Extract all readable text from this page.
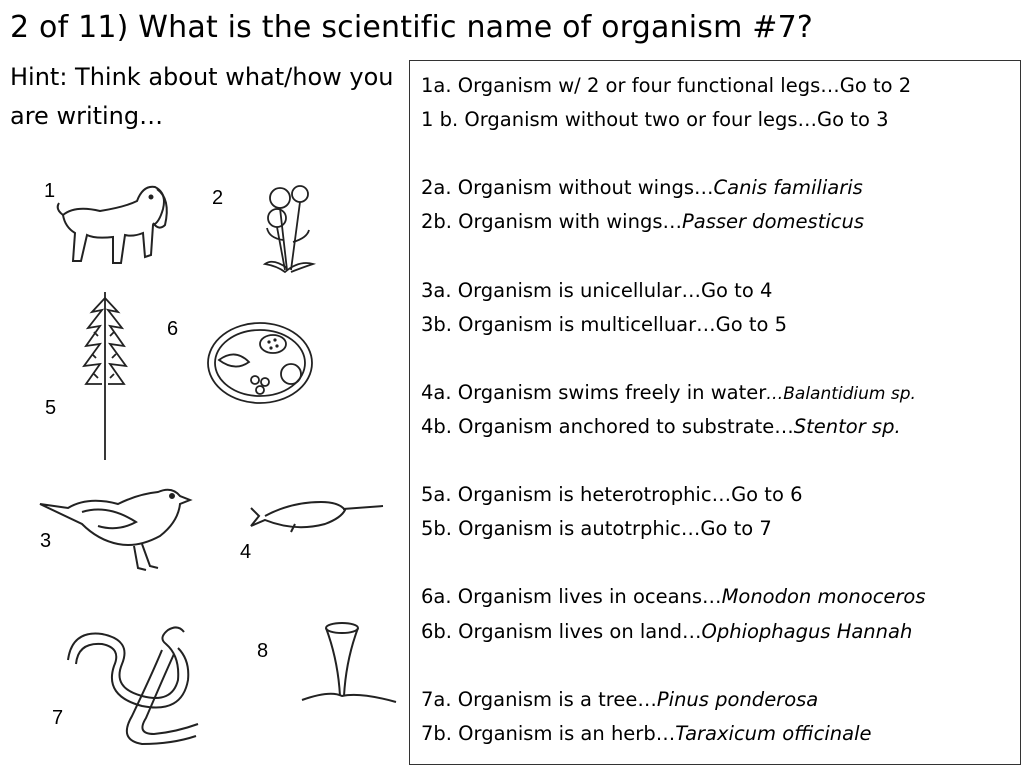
2 of 11) What is the scientific name of organism #7?
Hint: Think about what/how you are writing…
1	2
5
6
3	4
7
8
1a. Organism w/ 2 or four functional legs…Go to 2
1 b. Organism without two or four legs…Go to 3
2a. Organism without wings…Canis familiaris
2b. Organism with wings…Passer domesticus
3a. Organism is unicellular…Go to 4
3b. Organism is multicelluar…Go to 5
4a. Organism swims freely in water…Balantidium sp.
4b. Organism anchored to substrate…Stentor sp.
5a. Organism is heterotrophic…Go to 6
5b. Organism is autotrphic…Go to 7
6a. Organism lives in oceans…Monodon monoceros
6b. Organism lives on land…Ophiophagus Hannah
7a. Organism is a tree…Pinus ponderosa
7b. Organism is an herb…Taraxicum officinale
